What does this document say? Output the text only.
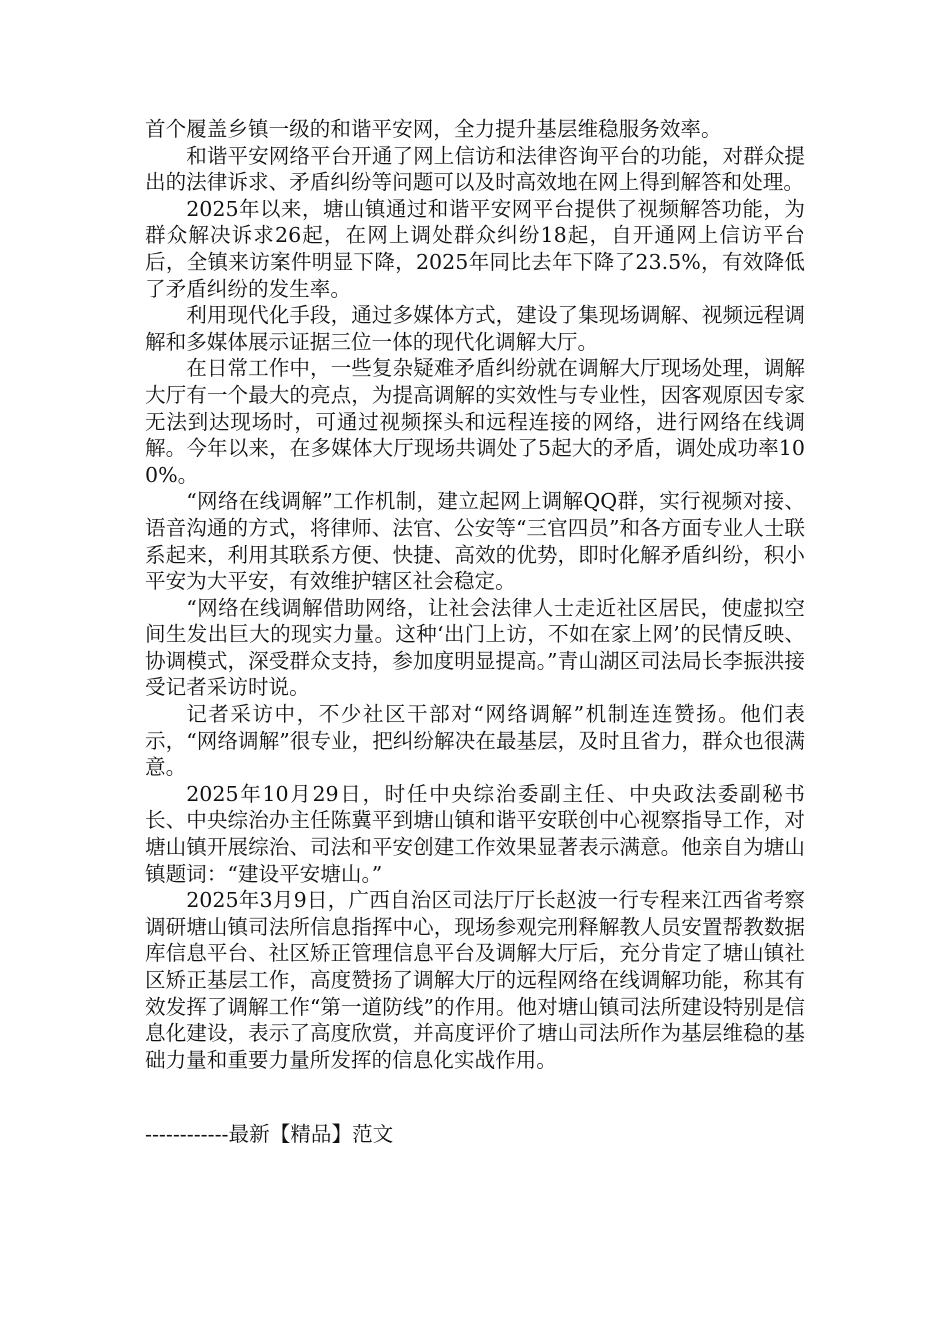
首个履盖乡镇一级的和谐平安网，全力提升基层维稳服务效率。

和谐平安网络平台开通了网上信访和法律咨询平台的功能，对群众提出的法律诉求、矛盾纠纷等问题可以及时高效地在网上得到解答和处理。

2025年以来，塘山镇通过和谐平安网平台提供了视频解答功能，为群众解决诉求26起，在网上调处群众纠纷18起，自开通网上信访平台后，全镇来访案件明显下降，2025年同比去年下降了23.5%，有效降低了矛盾纠纷的发生率。

利用现代化手段，通过多媒体方式，建设了集现场调解、视频远程调解和多媒体展示证据三位一体的现代化调解大厅。

在日常工作中，一些复杂疑难矛盾纠纷就在调解大厅现场处理，调解大厅有一个最大的亮点，为提高调解的实效性与专业性，因客观原因专家无法到达现场时，可通过视频探头和远程连接的网络，进行网络在线调解。今年以来，在多媒体大厅现场共调处了5起大的矛盾，调处成功率100%。

“网络在线调解”工作机制，建立起网上调解QQ群，实行视频对接、语音沟通的方式，将律师、法官、公安等“三官四员”和各方面专业人士联系起来，利用其联系方便、快捷、高效的优势，即时化解矛盾纠纷，积小平安为大平安，有效维护辖区社会稳定。

“网络在线调解借助网络，让社会法律人士走近社区居民，使虚拟空间生发出巨大的现实力量。这种‘出门上访，不如在家上网’的民情反映、协调模式，深受群众支持，参加度明显提高。”青山湖区司法局长李振洪接受记者采访时说。

记者采访中，不少社区干部对“网络调解”机制连连赞扬。他们表示，“网络调解”很专业，把纠纷解决在最基层，及时且省力，群众也很满意。

2025年10月29日，时任中央综治委副主任、中央政法委副秘书长、中央综治办主任陈冀平到塘山镇和谐平安联创中心视察指导工作，对塘山镇开展综治、司法和平安创建工作效果显著表示满意。他亲自为塘山镇题词：“建设平安塘山。”

2025年3月9日，广西自治区司法厅厅长赵波一行专程来江西省考察调研塘山镇司法所信息指挥中心，现场参观完刑释解教人员安置帮教数据库信息平台、社区矫正管理信息平台及调解大厅后，充分肯定了塘山镇社区矫正基层工作，高度赞扬了调解大厅的远程网络在线调解功能，称其有效发挥了调解工作“第一道防线”的作用。他对塘山镇司法所建设特别是信息化建设，表示了高度欣赏，并高度评价了塘山司法所作为基层维稳的基础力量和重要力量所发挥的信息化实战作用。

------------最新【精品】范文
